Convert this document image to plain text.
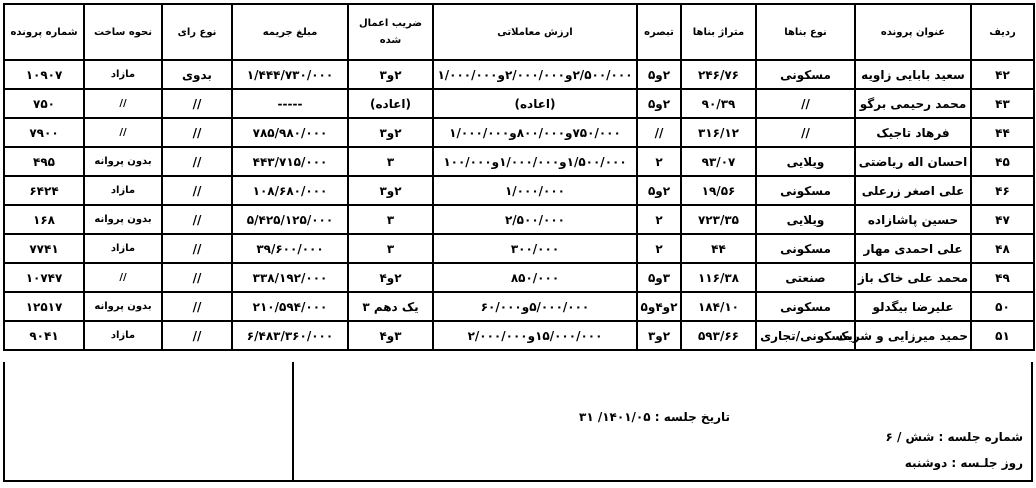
ردیف	عنوان پرونده	نوع بناها	متراژ بناها	تبصره	ارزش معاملاتی	ضریب اعمال شده	مبلغ جریمه	نوع رای	نحوه ساخت	شماره پرونده
۴۲	سعید بابایی زاویه	مسکونی	۲۴۶/۷۶	۲و۵	۲/۵۰۰/۰۰۰و۲/۰۰۰/۰۰۰و۱/۰۰۰/۰۰۰	۲و۳	۱/۴۴۴/۷۳۰/۰۰۰	بدوی	مازاد	۱۰۹۰۷
۴۳	محمد رحیمی برگو	//	۹۰/۳۹	۲و۵	(اعاده)	(اعاده)	-----	//	//	۷۵۰
۴۴	فرهاد تاجیک	//	۳۱۶/۱۲	//	۷۵۰/۰۰۰و۸۰۰/۰۰۰و۱/۰۰۰/۰۰۰	۲و۳	۷۸۵/۹۸۰/۰۰۰	//	//	۷۹۰۰
۴۵	احسان اله ریاضتی	ویلایی	۹۳/۰۷	۲	۱/۵۰۰/۰۰۰و۱/۰۰۰/۰۰۰و۱۰۰/۰۰۰	۳	۴۴۳/۷۱۵/۰۰۰	//	بدون پروانه	۴۹۵
۴۶	علی اصغر زرعلی	مسکونی	۱۹/۵۶	۲و۵	۱/۰۰۰/۰۰۰	۲و۳	۱۰۸/۶۸۰/۰۰۰	//	مازاد	۶۴۲۴
۴۷	حسین پاشازاده	ویلایی	۷۲۳/۳۵	۲	۲/۵۰۰/۰۰۰	۳	۵/۴۲۵/۱۲۵/۰۰۰	//	بدون پروانه	۱۶۸
۴۸	علی احمدی مهار	مسکونی	۴۴	۲	۳۰۰/۰۰۰	۳	۳۹/۶۰۰/۰۰۰	//	مازاد	۷۷۴۱
۴۹	محمد علی خاک باز	صنعتی	۱۱۶/۳۸	۳و۵	۸۵۰/۰۰۰	۲و۴	۳۳۸/۱۹۲/۰۰۰	//	//	۱۰۷۴۷
۵۰	علیرضا بیگدلو	مسکونی	۱۸۴/۱۰	۲و۴و۵	۵/۰۰۰/۰۰۰و۶۰/۰۰۰	یک دهم ۳	۲۱۰/۵۹۴/۰۰۰	//	بدون پروانه	۱۲۵۱۷
۵۱	حمید میرزایی و شریک	مسکونی/تجاری	۵۹۳/۶۶	۲و۳	۱۵/۰۰۰/۰۰۰و۲/۰۰۰/۰۰۰	۳و۴	۶/۴۸۳/۳۶۰/۰۰۰	//	مازاد	۹۰۴۱
شماره جلسه : شش / ۶
روز جلـسه : دوشنبه
تاریخ جلسه : ۱۴۰۱/۰۵/ ۳۱
